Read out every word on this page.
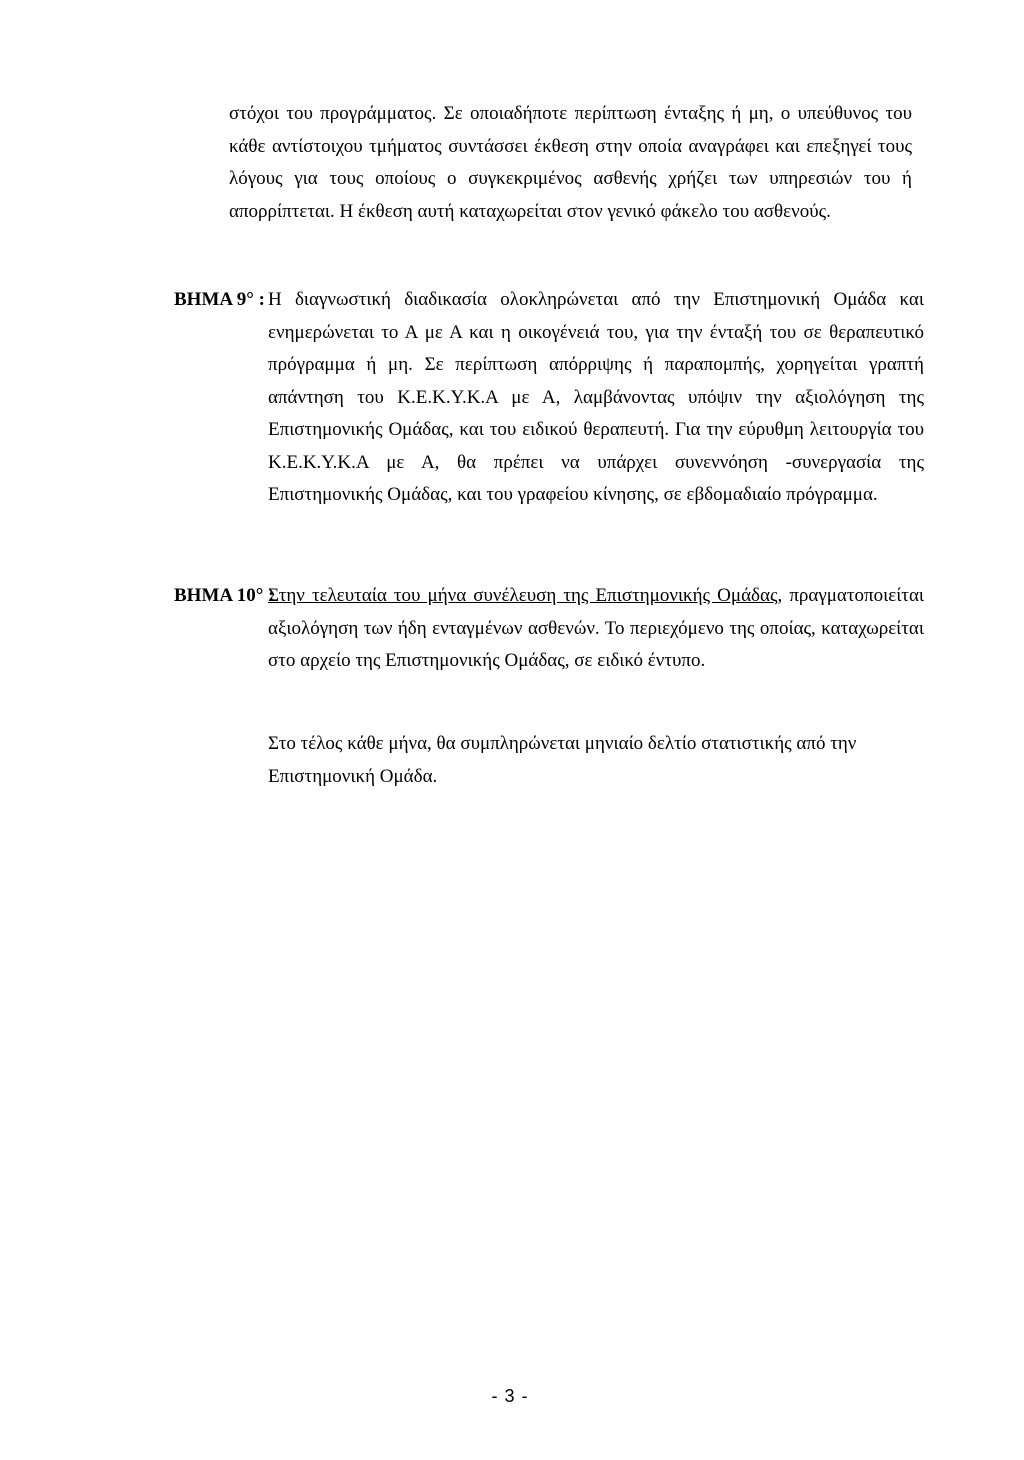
στόχοι του προγράμματος. Σε οποιαδήποτε περίπτωση ένταξης ή μη, ο υπεύθυνος του κάθε αντίστοιχου τμήματος συντάσσει έκθεση στην οποία αναγράφει και επεξηγεί τους λόγους για τους οποίους ο συγκεκριμένος ασθενής χρήζει των υπηρεσιών του ή απορρίπτεται. Η έκθεση αυτή καταχωρείται στον γενικό φάκελο του ασθενούς.

ΒΗΜΑ 9° : Η διαγνωστική διαδικασία ολοκληρώνεται από την Επιστημονική Ομάδα και ενημερώνεται το Α με Α και η οικογένειά του, για την ένταξή του σε θεραπευτικό πρόγραμμα ή μη. Σε περίπτωση απόρριψης ή παραπομπής, χορηγείται γραπτή απάντηση του Κ.Ε.Κ.Υ.Κ.Α με Α, λαμβάνοντας υπόψιν την αξιολόγηση της Επιστημονικής Ομάδας, και του ειδικού θεραπευτή. Για την εύρυθμη λειτουργία του Κ.Ε.Κ.Υ.Κ.Α με Α, θα πρέπει να υπάρχει συνεννόηση -συνεργασία της Επιστημονικής Ομάδας, και του γραφείου κίνησης, σε εβδομαδιαίο πρόγραμμα.

ΒΗΜΑ 10° :
Στην τελευταία του μήνα συνέλευση της Επιστημονικής Ομάδας, πραγματοποιείται αξιολόγηση των ήδη ενταγμένων ασθενών. Το περιεχόμενο της οποίας, καταχωρείται στο αρχείο της Επιστημονικής Ομάδας, σε ειδικό έντυπο.

Στο τέλος κάθε μήνα, θα συμπληρώνεται μηνιαίο δελτίο στατιστικής από την Επιστημονική Ομάδα.

- 3 -
